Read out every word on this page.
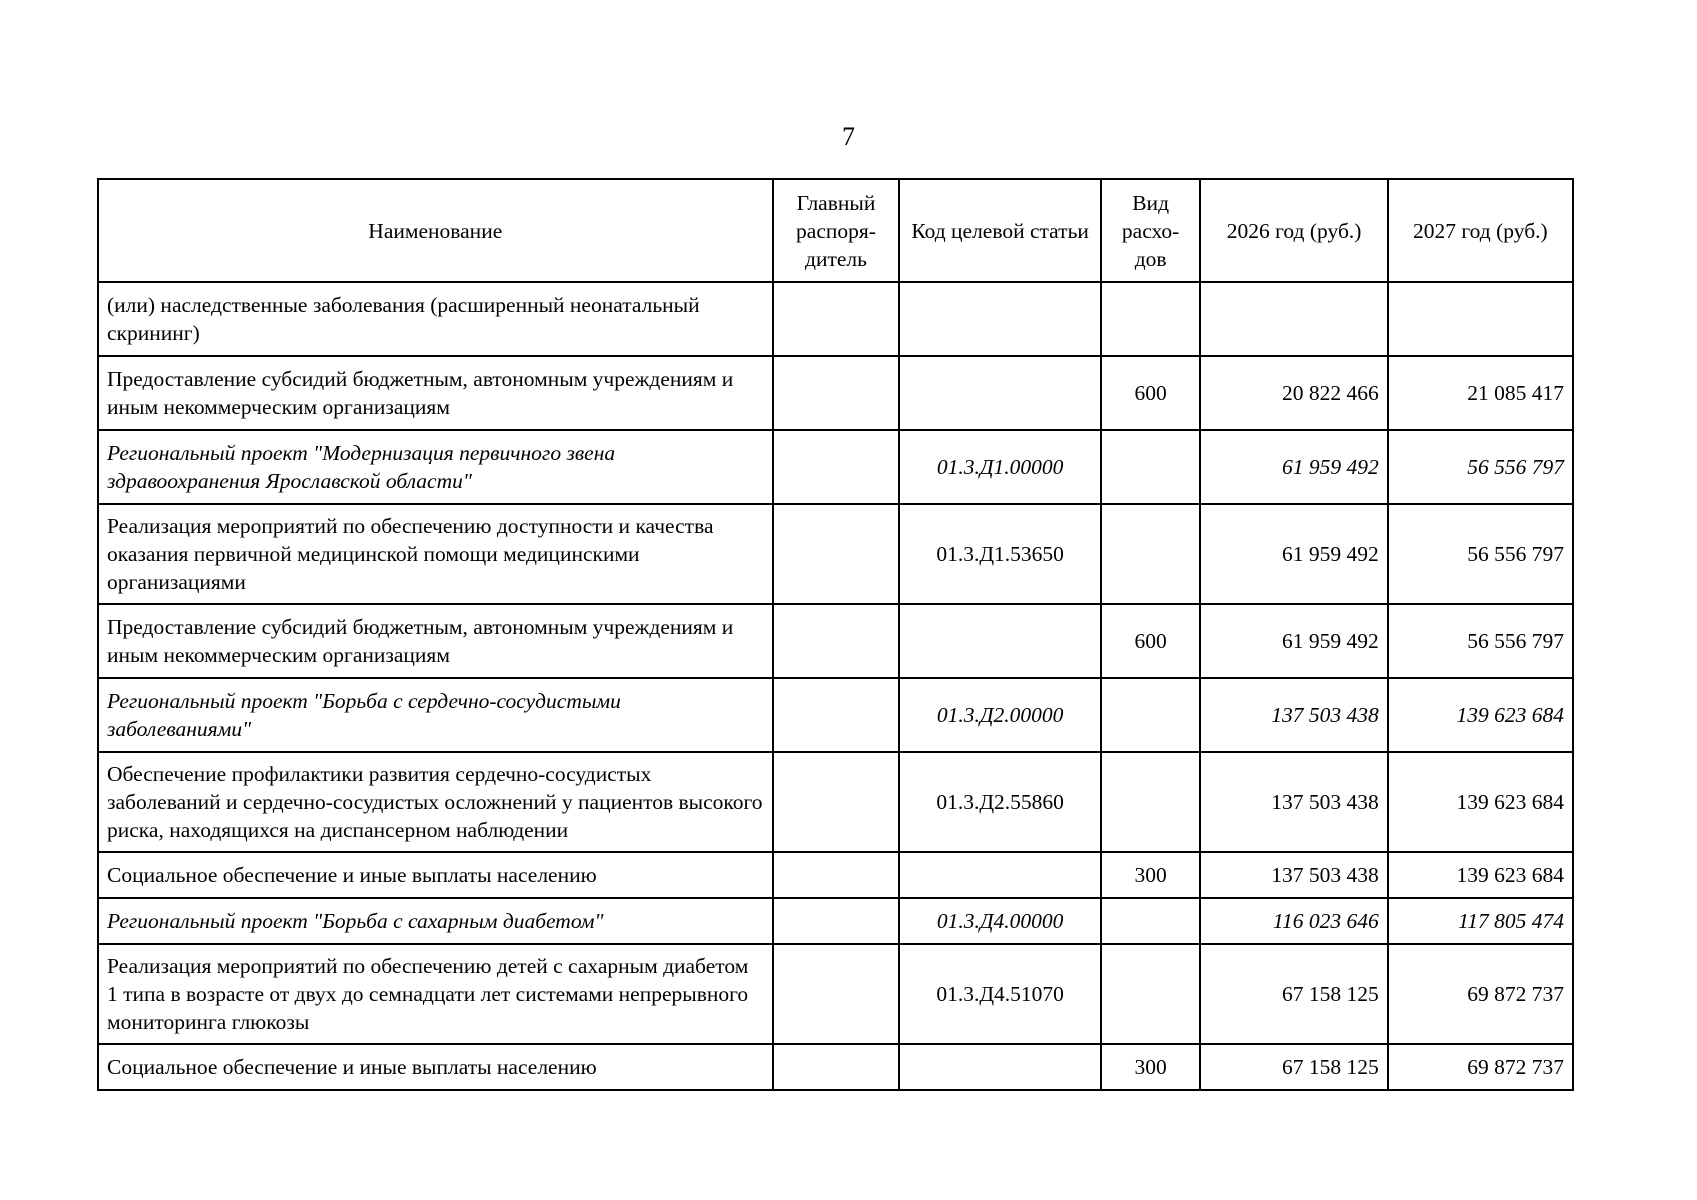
7
Наименование	Главный распоря-дитель	Код целевой статьи	Вид расхо-дов	2026 год (руб.)	2027 год (руб.)
(или) наследственные заболевания (расширенный неонатальный скрининг)					
Предоставление субсидий бюджетным, автономным учреждениям и иным некоммерческим организациям			600	20 822 466	21 085 417
Региональный проект "Модернизация первичного звена здравоохранения Ярославской области"		01.3.Д1.00000		61 959 492	56 556 797
Реализация мероприятий по обеспечению доступности и качества оказания первичной медицинской помощи медицинскими организациями		01.3.Д1.53650		61 959 492	56 556 797
Предоставление субсидий бюджетным, автономным учреждениям и иным некоммерческим организациям			600	61 959 492	56 556 797
Региональный проект "Борьба с сердечно-сосудистыми заболеваниями"		01.3.Д2.00000		137 503 438	139 623 684
Обеспечение профилактики развития сердечно-сосудистых заболеваний и сердечно-сосудистых осложнений у пациентов высокого риска, находящихся на диспансерном наблюдении		01.3.Д2.55860		137 503 438	139 623 684
Социальное обеспечение и иные выплаты населению			300	137 503 438	139 623 684
Региональный проект "Борьба с сахарным диабетом"		01.3.Д4.00000		116 023 646	117 805 474
Реализация мероприятий по обеспечению детей с сахарным диабетом 1 типа в возрасте от двух до семнадцати лет системами непрерывного мониторинга глюкозы		01.3.Д4.51070		67 158 125	69 872 737
Социальное обеспечение и иные выплаты населению			300	67 158 125	69 872 737
